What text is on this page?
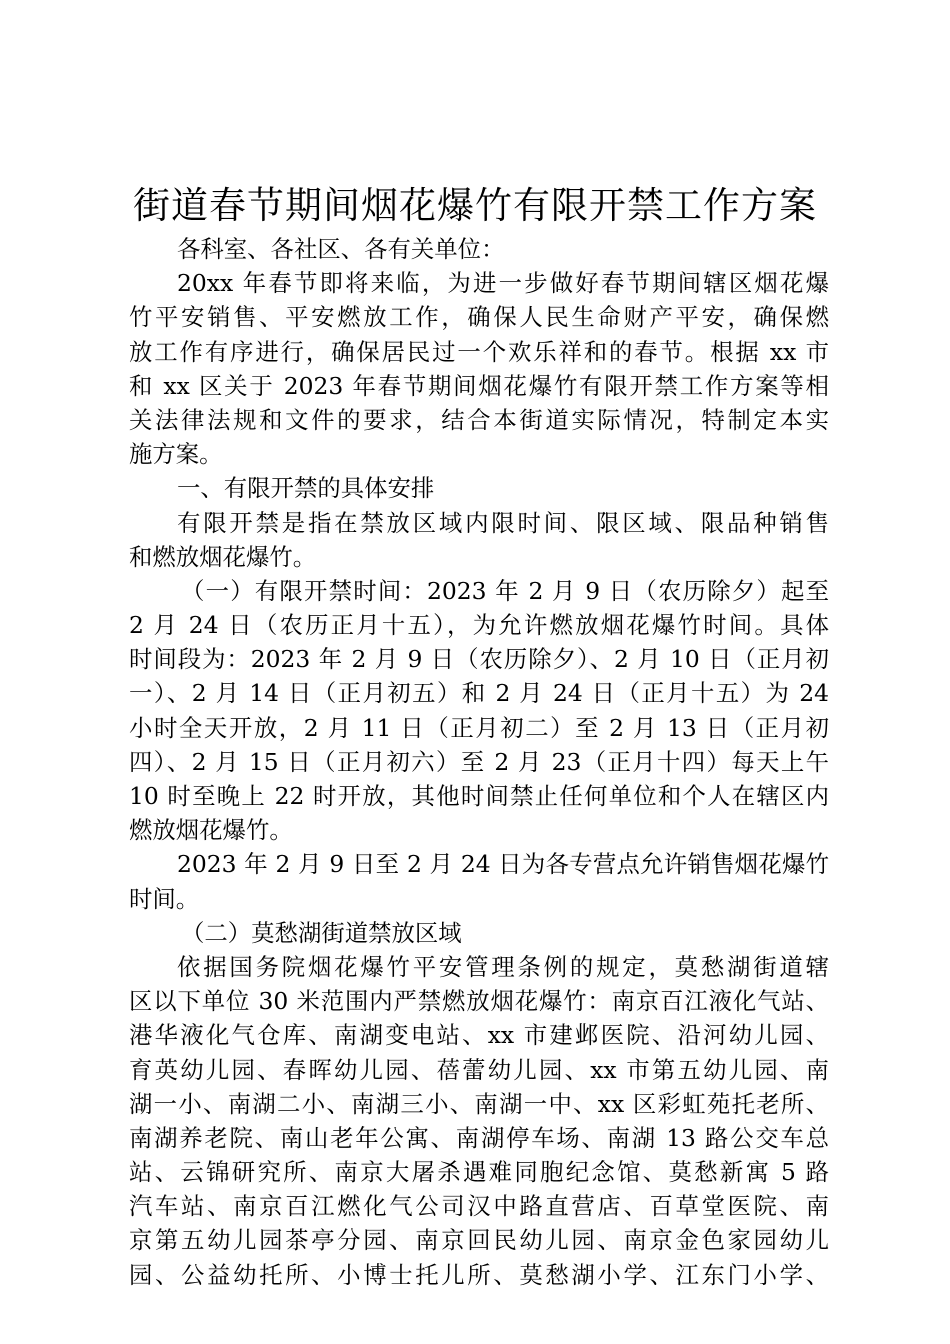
街道春节期间烟花爆竹有限开禁工作方案
各科室、各社区、各有关单位：
20xx 年春节即将来临，为进一步做好春节期间辖区烟花爆
竹平安销售、平安燃放工作，确保人民生命财产平安，确保燃
放工作有序进行，确保居民过一个欢乐祥和的春节。根据 xx 市
和 xx 区关于 2023 年春节期间烟花爆竹有限开禁工作方案等相
关法律法规和文件的要求，结合本街道实际情况，特制定本实
施方案。
一、有限开禁的具体安排
有限开禁是指在禁放区域内限时间、限区域、限品种销售
和燃放烟花爆竹。
（一）有限开禁时间：2023 年 2 月 9 日（农历除夕）起至
2 月 24 日（农历正月十五），为允许燃放烟花爆竹时间。具体
时间段为：2023 年 2 月 9 日（农历除夕）、2 月 10 日（正月初
一）、2 月 14 日（正月初五）和 2 月 24 日（正月十五）为 24
小时全天开放，2 月 11 日（正月初二）至 2 月 13 日（正月初
四）、2 月 15 日（正月初六）至 2 月 23（正月十四）每天上午
10 时至晚上 22 时开放，其他时间禁止任何单位和个人在辖区内
燃放烟花爆竹。
2023 年 2 月 9 日至 2 月 24 日为各专营点允许销售烟花爆竹
时间。
（二）莫愁湖街道禁放区域
依据国务院烟花爆竹平安管理条例的规定，莫愁湖街道辖
区以下单位 30 米范围内严禁燃放烟花爆竹：南京百江液化气站、
港华液化气仓库、南湖变电站、xx 市建邺医院、沿河幼儿园、
育英幼儿园、春晖幼儿园、蓓蕾幼儿园、xx 市第五幼儿园、南
湖一小、南湖二小、南湖三小、南湖一中、xx 区彩虹苑托老所、
南湖养老院、南山老年公寓、南湖停车场、南湖 13 路公交车总
站、云锦研究所、南京大屠杀遇难同胞纪念馆、莫愁新寓 5 路
汽车站、南京百江燃化气公司汉中路直营店、百草堂医院、南
京第五幼儿园茶亭分园、南京回民幼儿园、南京金色家园幼儿
园、公益幼托所、小博士托儿所、莫愁湖小学、江东门小学、
